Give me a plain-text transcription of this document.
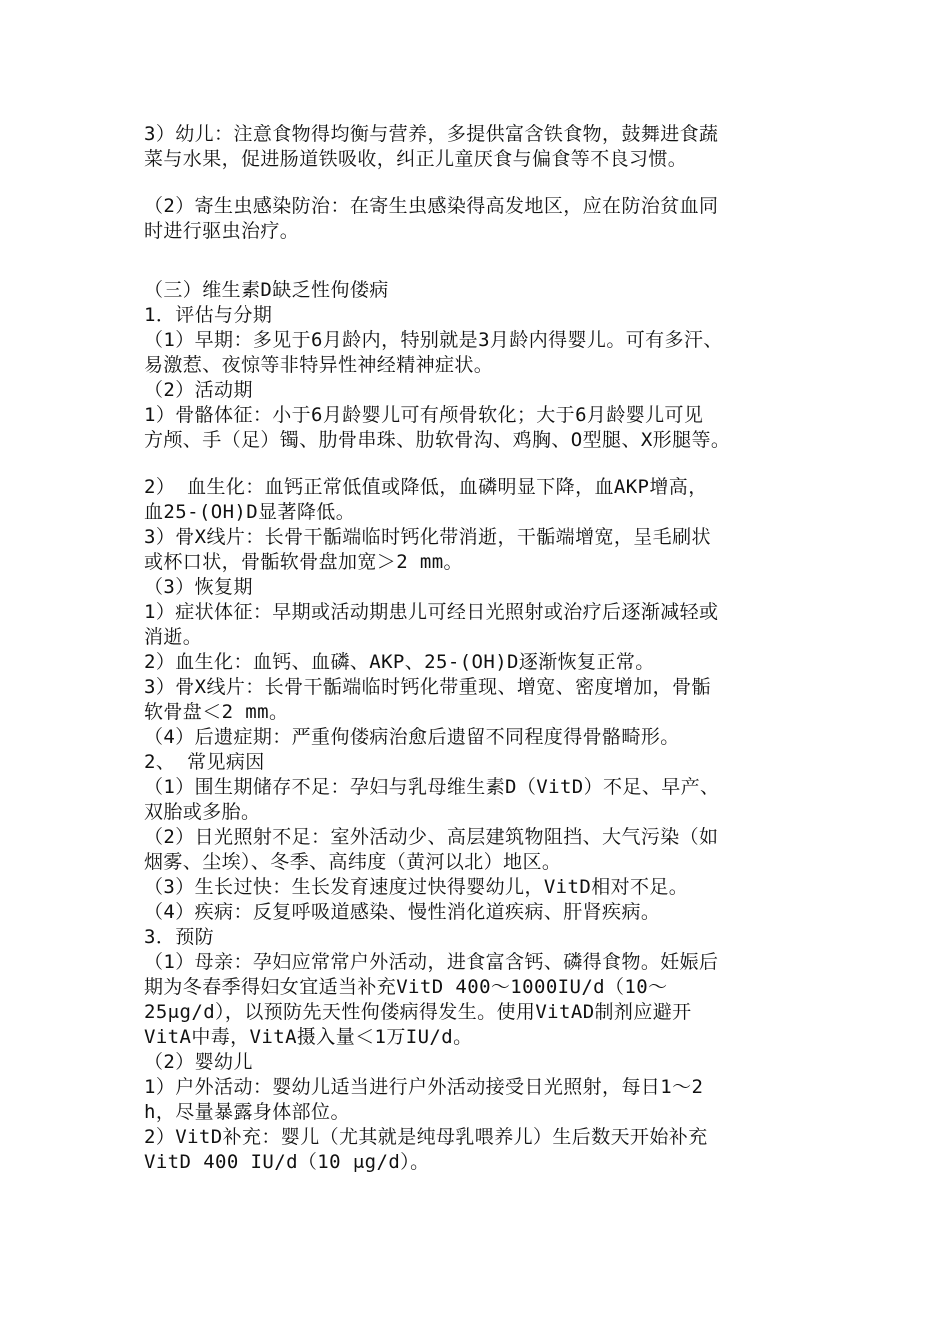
3）幼儿：注意食物得均衡与营养，多提供富含铁食物，鼓舞进食蔬
菜与水果，促进肠道铁吸收，纠正儿童厌食与偏食等不良习惯。
（2）寄生虫感染防治：在寄生虫感染得高发地区，应在防治贫血同
时进行驱虫治疗。
（三）维生素D缺乏性佝偻病
1．评估与分期
（1）早期：多见于6月龄内，特别就是3月龄内得婴儿。可有多汗、
易激惹、夜惊等非特异性神经精神症状。
（2）活动期
1）骨骼体征：小于6月龄婴儿可有颅骨软化；大于6月龄婴儿可见
方颅、手（足）镯、肋骨串珠、肋软骨沟、鸡胸、O型腿、X形腿等。
2） 血生化：血钙正常低值或降低，血磷明显下降，血AKP增高，
血25-(OH)D显著降低。
3）骨X线片：长骨干骺端临时钙化带消逝，干骺端增宽，呈毛刷状
或杯口状，骨骺软骨盘加宽＞2 mm。
（3）恢复期
1）症状体征：早期或活动期患儿可经日光照射或治疗后逐渐减轻或
消逝。
2）血生化：血钙、血磷、AKP、25-(OH)D逐渐恢复正常。
3）骨X线片：长骨干骺端临时钙化带重现、增宽、密度增加，骨骺
软骨盘＜2 mm。
（4）后遗症期：严重佝偻病治愈后遗留不同程度得骨骼畸形。
2、 常见病因
（1）围生期储存不足：孕妇与乳母维生素D（VitD）不足、早产、
双胎或多胎。
（2）日光照射不足：室外活动少、高层建筑物阻挡、大气污染（如
烟雾、尘埃）、冬季、高纬度（黄河以北）地区。
（3）生长过快：生长发育速度过快得婴幼儿，VitD相对不足。
（4）疾病：反复呼吸道感染、慢性消化道疾病、肝肾疾病。
3．预防
（1）母亲：孕妇应常常户外活动，进食富含钙、磷得食物。妊娠后
期为冬春季得妇女宜适当补充VitD 400～1000IU/d（10～
25μg/d），以预防先天性佝偻病得发生。使用VitAD制剂应避开
VitA中毒，VitA摄入量＜1万IU/d。
（2）婴幼儿
1）户外活动：婴幼儿适当进行户外活动接受日光照射，每日1～2
h，尽量暴露身体部位。
2）VitD补充：婴儿（尤其就是纯母乳喂养儿）生后数天开始补充
VitD 400 IU/d（10 μg/d）。
